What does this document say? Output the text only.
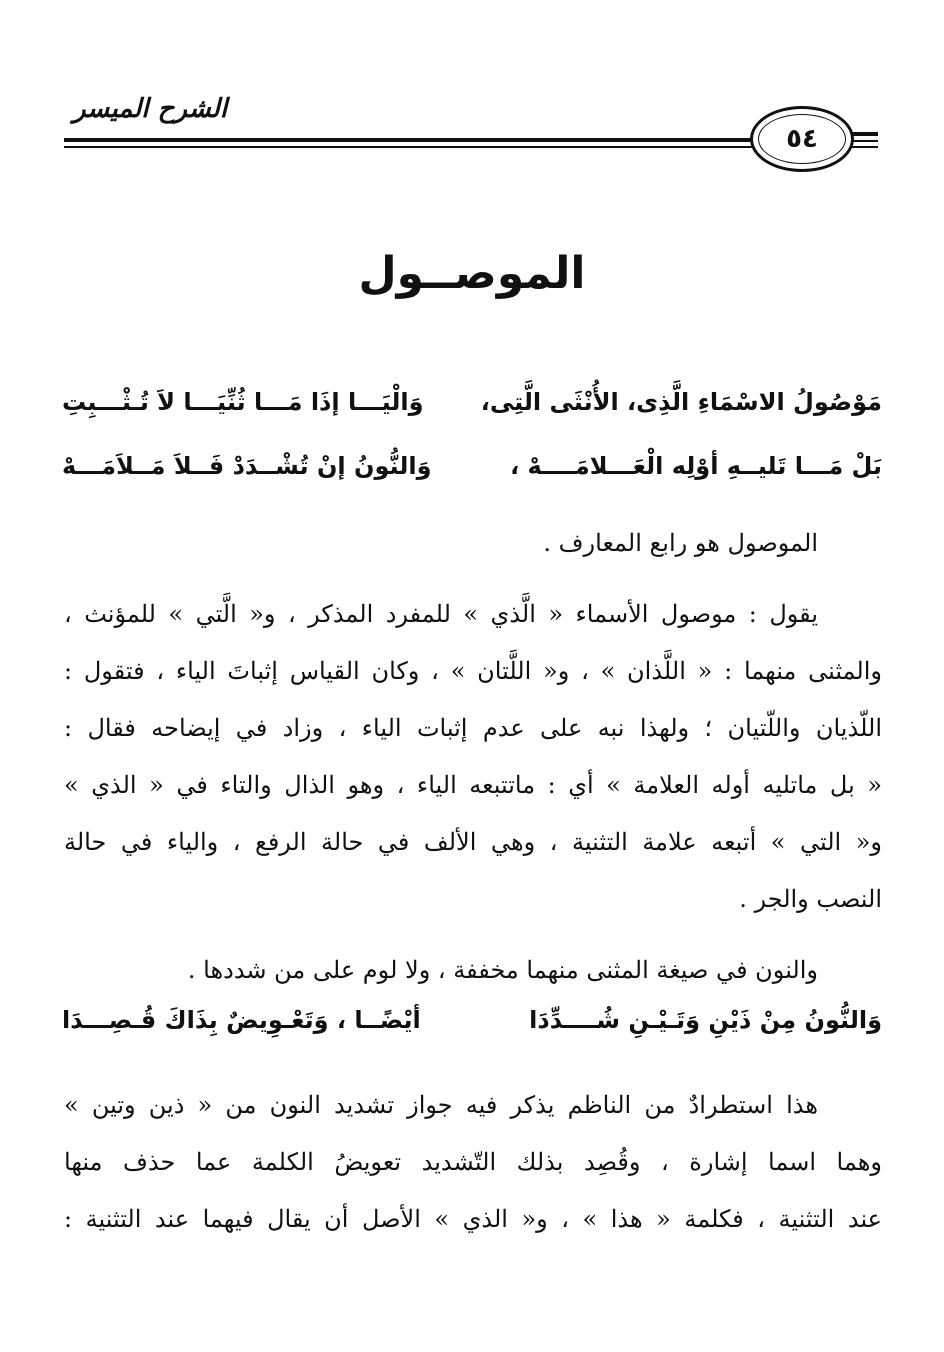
الشرح الميسر
٥٤
الموصــول
مَوْصُولُ الاسْمَاءِ الَّذِى، الأُنْثَى الَّتِى،
وَالْيَـــا إذَا مَـــا ثُنِّيَـــا لاَ تُـثْـــبِتِ
بَلْ مَـــا تَليــهِ أوْلِه الْعَـــلامَــــهْ ،
وَالنُّونُ إنْ تُشْــدَدْ فَــلاَ مَــلاَمَـــهْ
الموصول هو رابع المعارف .
يقول : موصول الأسماء « الَّذي » للمفرد المذكر ، و« الَّتي » للمؤنث ،
والمثنى منهما : « اللَّذان » ، و« اللَّتان » ، وكان القياس إثباتَ الياء ، فتقول :
اللّذيان واللّتيان ؛ ولهذا نبه على عدم إثبات الياء ، وزاد في إيضاحه فقال :
« بل ماتليه أوله العلامة » أي : ماتتبعه الياء ، وهو الذال والتاء في « الذي »
و« التي » أتبعه علامة التثنية ، وهي الألف في حالة الرفع ، والياء في حالة
النصب والجر .
والنون في صيغة المثنى منهما مخففة ، ولا لوم على من شددها .
وَالنُّونُ مِنْ ذَيْنِ وَتَـيْـنِ شُــــدِّدَا
أيْضًــا ، وَتَعْـوِيضٌ بِذَاكَ قُـصِـــدَا
هذا استطرادٌ من الناظم يذكر فيه جواز تشديد النون من « ذين وتين »
وهما اسما إشارة ، وقُصِد بذلك التّشديد تعويضُ الكلمة عما حذف منها
عند التثنية ، فكلمة « هذا » ، و« الذي » الأصل أن يقال فيهما عند التثنية :
